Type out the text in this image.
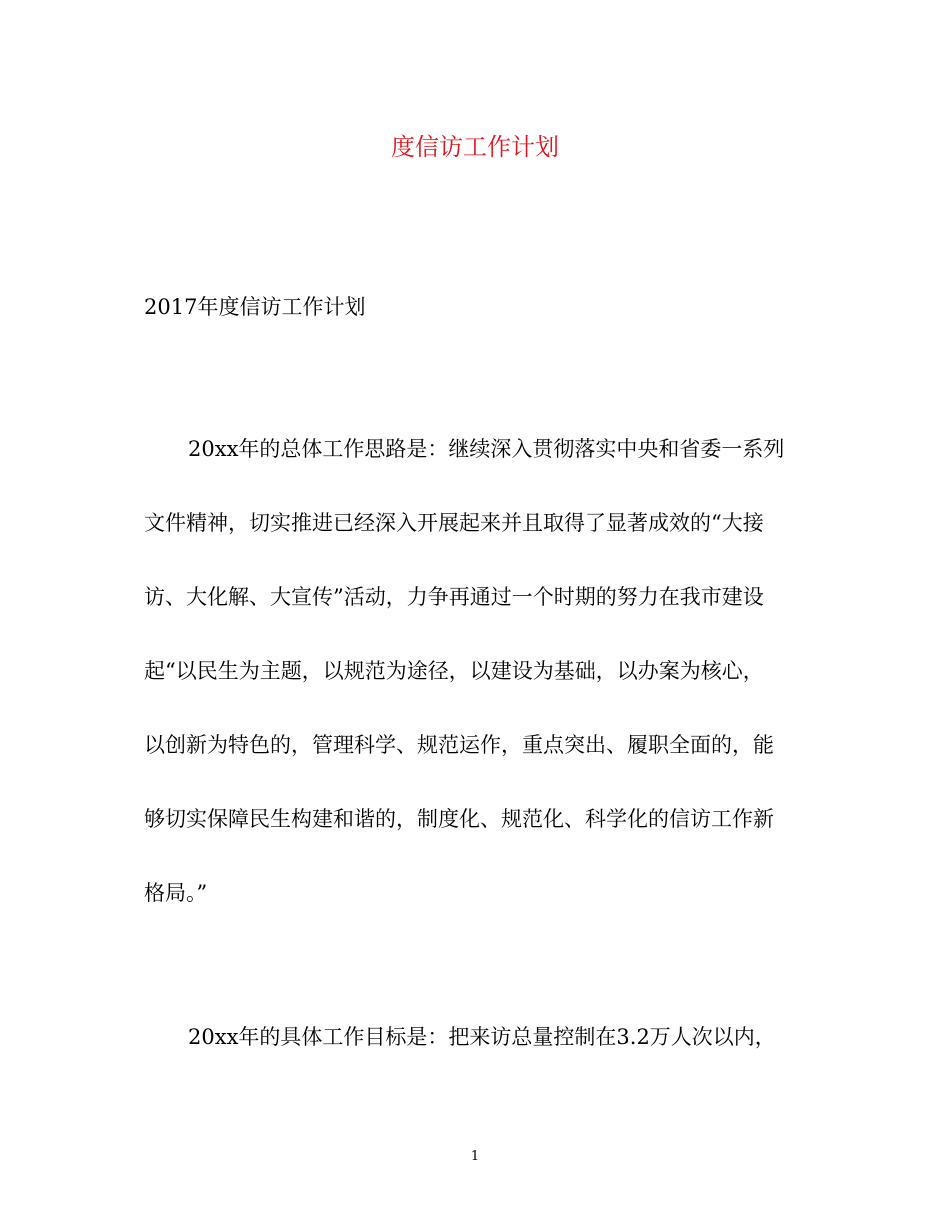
度信访工作计划
2017年度信访工作计划
20xx年的总体工作思路是：继续深入贯彻落实中央和省委一系列
文件精神，切实推进已经深入开展起来并且取得了显著成效的“大接
访、大化解、大宣传”活动，力争再通过一个时期的努力在我市建设
起“以民生为主题，以规范为途径，以建设为基础，以办案为核心，
以创新为特色的，管理科学、规范运作，重点突出、履职全面的，能
够切实保障民生构建和谐的，制度化、规范化、科学化的信访工作新
格局。”
20xx年的具体工作目标是：把来访总量控制在3.2万人次以内，
1
